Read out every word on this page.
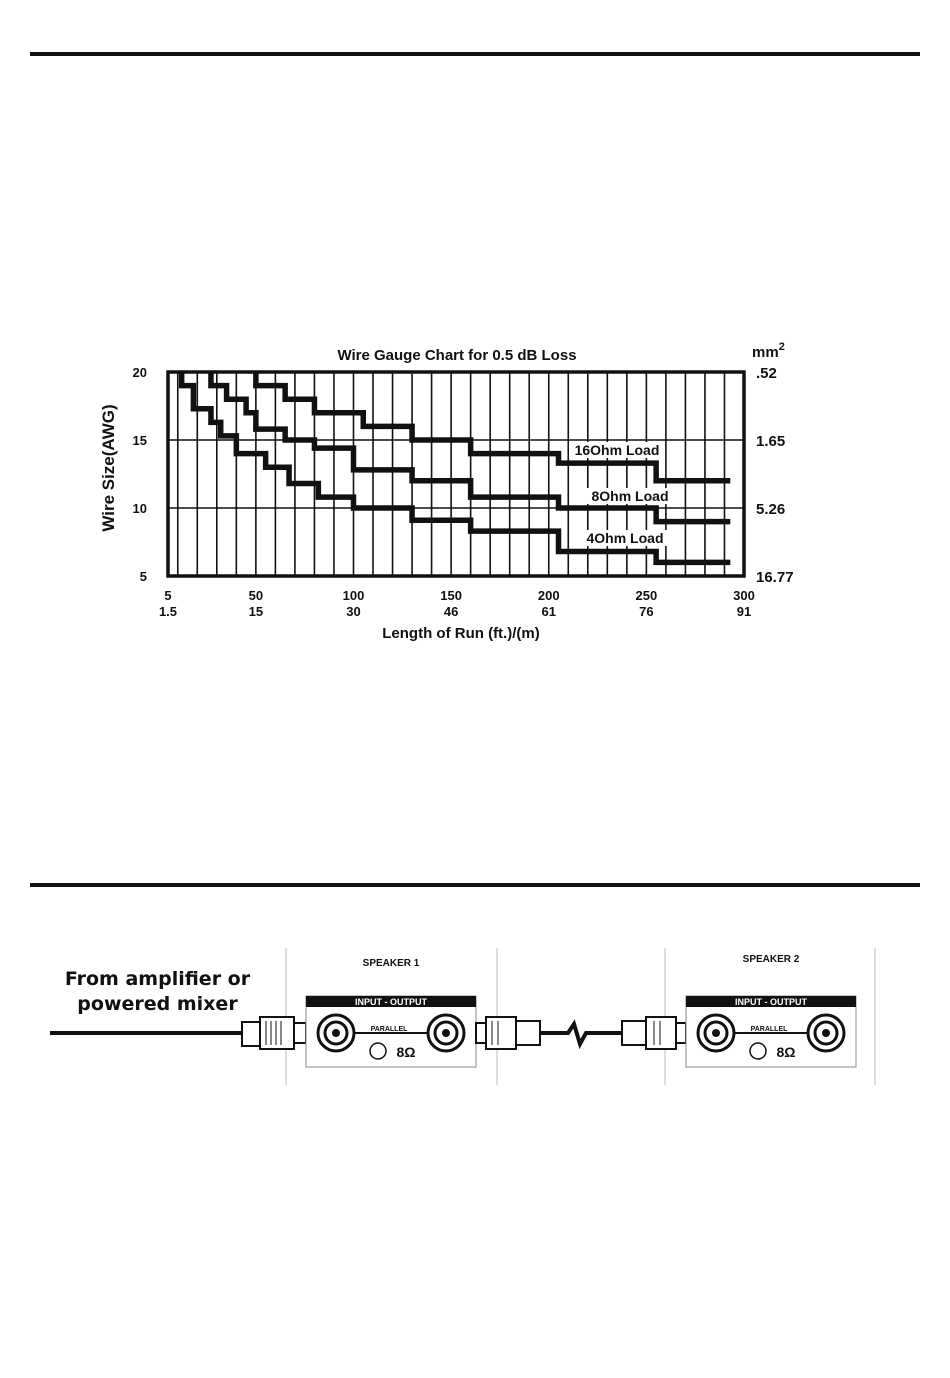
Wire Gauge Chart for 0.5 dB Loss
16Ohm Load
8Ohm Load
4Ohm Load
5
1.5
50
15
100
30
150
46
200
61
250
76
300
91
20	.52
15	1.65
10	5.26
5	16.77
Wire Size(AWG)
Length of Run (ft.)/(m)
$mm^2$
From amplifier or
powered mixer
SPEAKER 1
INPUT - OUTPUT
PARALLEL
8Ω
SPEAKER 2
INPUT - OUTPUT
PARALLEL
8Ω
